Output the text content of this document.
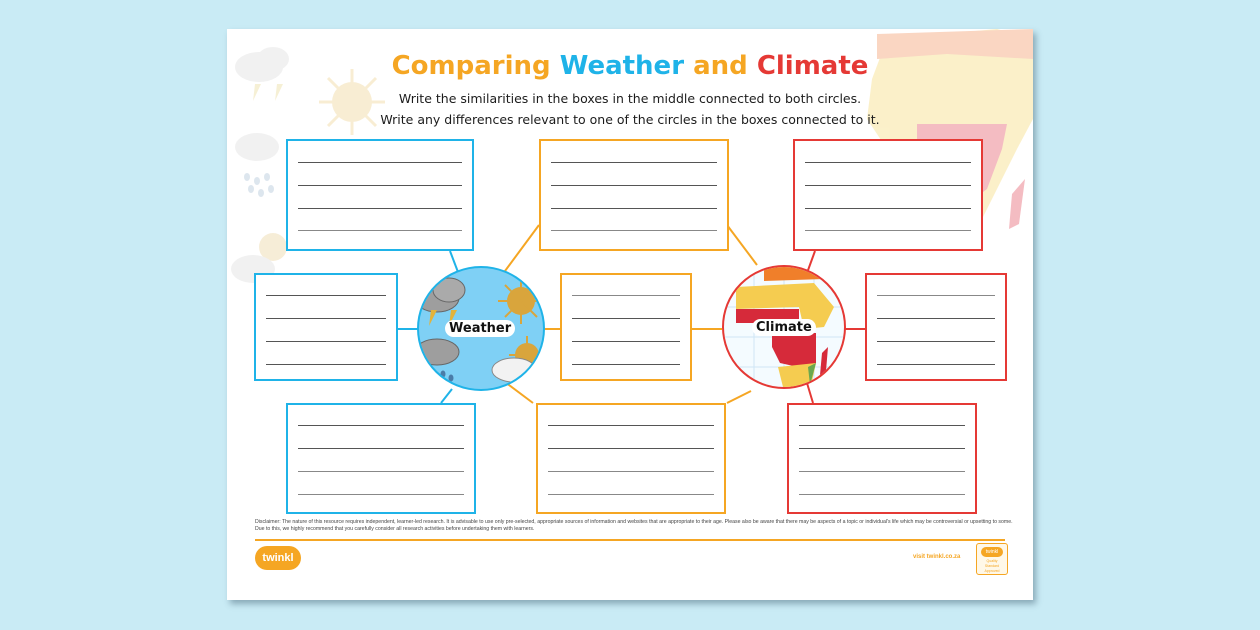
Comparing Weather and Climate
Write the similarities in the boxes in the middle connected to both circles.
Write any differences relevant to one of the circles in the boxes connected to it.
Weather	Climate
Disclaimer: The nature of this resource requires independent, learner-led research. It is advisable to use only pre-selected, appropriate sources of information and websites that are appropriate to their age. Please also be aware that there may be aspects of a topic or individual's life which may be controversial or upsetting to some. Due to this, we highly recommend that you carefully consider all research activities before undertaking them with learners.
twinkl	visit twinkl.co.za
twinkl
Quality Standard Approved
